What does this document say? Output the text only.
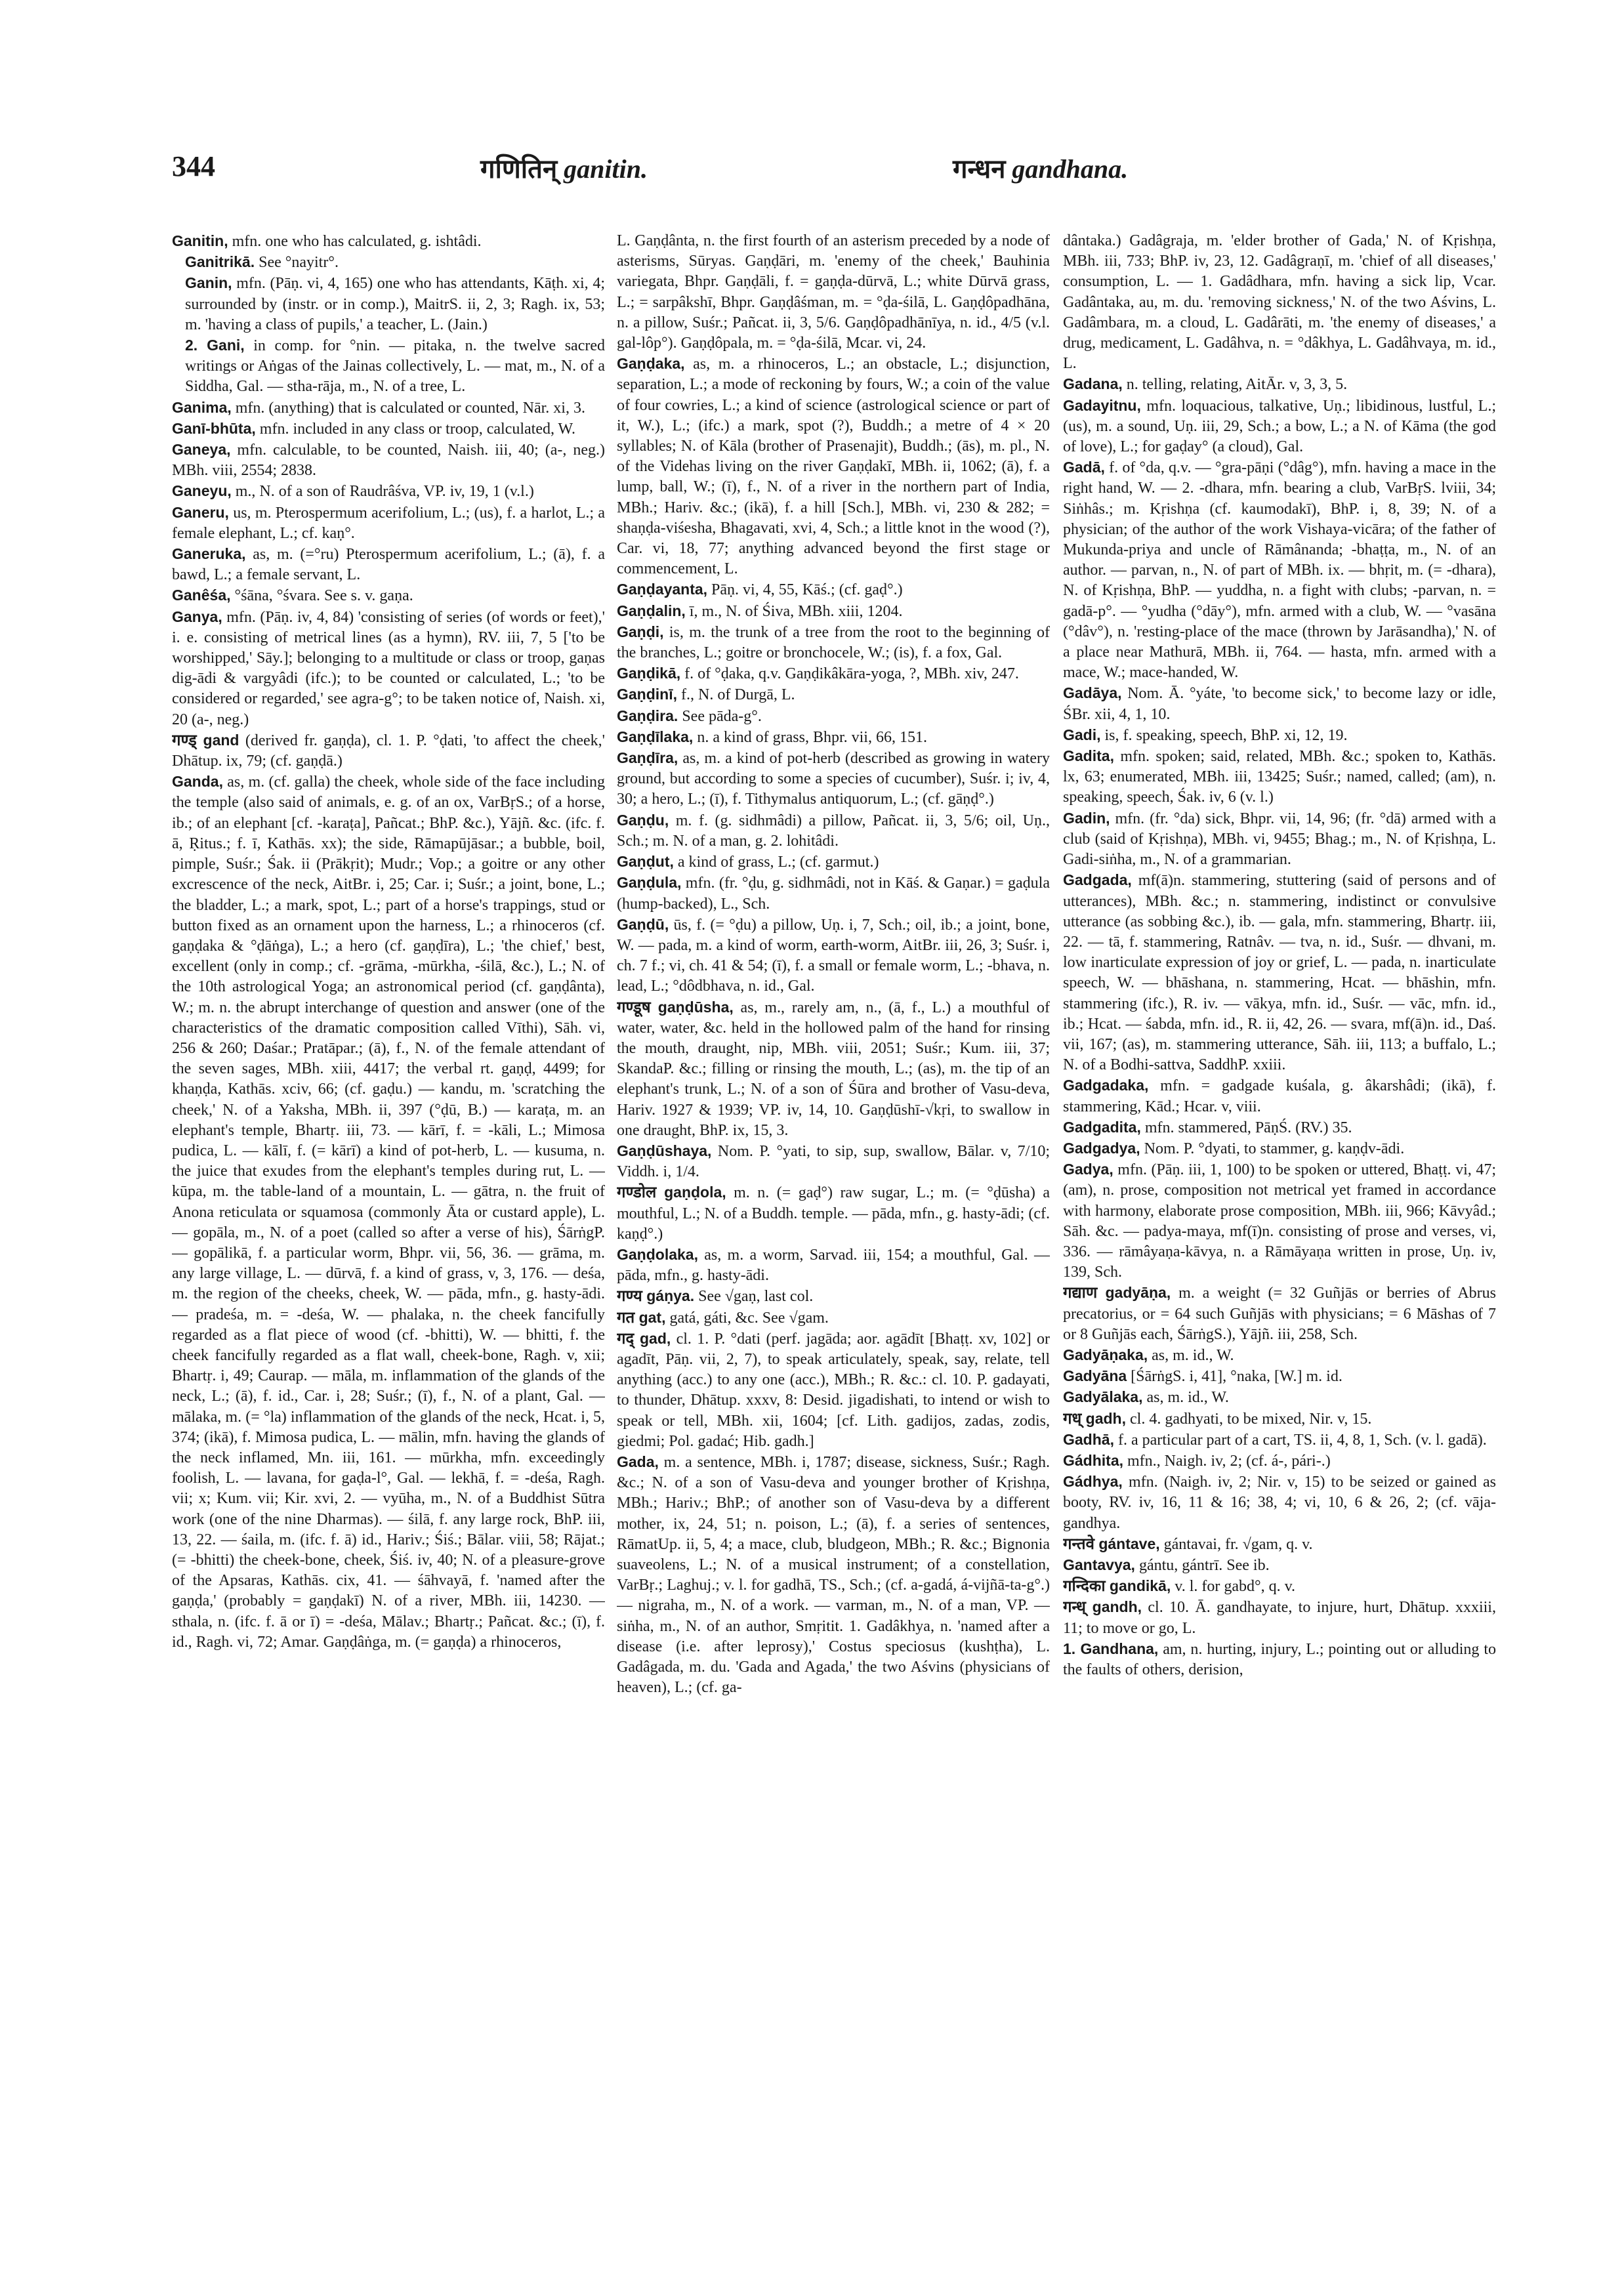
344	गणितिन् ganitin.	गन्धन gandhana.

Ganitin, mfn. one who has calculated, g. ishtâdi.

Ganitrikā. See °nayitr°.

Ganin, mfn. (Pāṇ. vi, 4, 165) one who has attendants, Kāṭh. xi, 4; surrounded by (instr. or in comp.), MaitrS. ii, 2, 3; Ragh. ix, 53; m. 'having a class of pupils,' a teacher, L. (Jain.)

2. Gani, in comp. for °nin. — pitaka, n. the twelve sacred writings or Aṅgas of the Jainas collectively, L. — mat, m., N. of a Siddha, Gal. — stha-rāja, m., N. of a tree, L.

Ganima, mfn. (anything) that is calculated or counted, Nār. xi, 3.

Ganī-bhūta, mfn. included in any class or troop, calculated, W.

Ganeya, mfn. calculable, to be counted, Naish. iii, 40; (a-, neg.) MBh. viii, 2554; 2838.

Ganeyu, m., N. of a son of Raudrâśva, VP. iv, 19, 1 (v.l.)

Ganeru, us, m. Pterospermum acerifolium, L.; (us), f. a harlot, L.; a female elephant, L.; cf. kaṇ°.

Ganeruka, as, m. (=°ru) Pterospermum acerifolium, L.; (ā), f. a bawd, L.; a female servant, L.

Ganêśa, °śāna, °śvara. See s. v. gaṇa.

Ganya, mfn. (Pāṇ. iv, 4, 84) 'consisting of series (of words or feet),' i. e. consisting of metrical lines (as a hymn), RV. iii, 7, 5 ['to be worshipped,' Sāy.]; belonging to a multitude or class or troop, gaṇas dig-ādi & vargyâdi (ifc.); to be counted or calculated, L.; 'to be considered or regarded,' see agra-g°; to be taken notice of, Naish. xi, 20 (a-, neg.)

गण्ड् gand (derived fr. gaṇḍa), cl. 1. P. °ḍati, 'to affect the cheek,' Dhātup. ix, 79; (cf. gaṇḍā.)

Ganda, as, m. (cf. galla) the cheek, whole side of the face including the temple (also said of animals, e. g. of an ox, VarBṛS.; of a horse, ib.; of an elephant [cf. -karaṭa], Pañcat.; BhP. &c.), Yājñ. &c. (ifc. f. ā, Ṛitus.; f. ī, Kathās. xx); the side, Rāmapūjāsar.; a bubble, boil, pimple, Suśr.; Śak. ii (Prākṛit); Mudr.; Vop.; a goitre or any other excrescence of the neck, AitBr. i, 25; Car. i; Suśr.; a joint, bone, L.; the bladder, L.; a mark, spot, L.; part of a horse's trappings, stud or button fixed as an ornament upon the harness, L.; a rhinoceros (cf. gaṇḍaka & °ḍāṅga), L.; a hero (cf. gaṇḍīra), L.; 'the chief,' best, excellent (only in comp.; cf. -grāma, -mūrkha, -śilā, &c.), L.; N. of the 10th astrological Yoga; an astronomical period (cf. gaṇḍânta), W.; m. n. the abrupt interchange of question and answer (one of the characteristics of the dramatic composition called Vīthi), Sāh. vi, 256 & 260; Daśar.; Pratāpar.; (ā), f., N. of the female attendant of the seven sages, MBh. xiii, 4417; the verbal rt. gaṇḍ, 4499; for khaṇḍa, Kathās. xciv, 66; (cf. gaḍu.) — kandu, m. 'scratching the cheek,' N. of a Yaksha, MBh. ii, 397 (°ḍū, B.) — karaṭa, m. an elephant's temple, Bhartṛ. iii, 73. — kārī, f. = -kāli, L.; Mimosa pudica, L. — kālī, f. (= kārī) a kind of pot-herb, L. — kusuma, n. the juice that exudes from the elephant's temples during rut, L. — kūpa, m. the table-land of a mountain, L. — gātra, n. the fruit of Anona reticulata or squamosa (commonly Āta or custard apple), L. — gopāla, m., N. of a poet (called so after a verse of his), ŚārṅgP. — gopālikā, f. a particular worm, Bhpr. vii, 56, 36. — grāma, m. any large village, L. — dūrvā, f. a kind of grass, v, 3, 176. — deśa, m. the region of the cheeks, cheek, W. — pāda, mfn., g. hasty-ādi. — pradeśa, m. = -deśa, W. — phalaka, n. the cheek fancifully regarded as a flat piece of wood (cf. -bhitti), W. — bhitti, f. the cheek fancifully regarded as a flat wall, cheek-bone, Ragh. v, xii; Bhartṛ. i, 49; Caurap. — māla, m. inflammation of the glands of the neck, L.; (ā), f. id., Car. i, 28; Suśr.; (ī), f., N. of a plant, Gal. — mālaka, m. (= °la) inflammation of the glands of the neck, Hcat. i, 5, 374; (ikā), f. Mimosa pudica, L. — mālin, mfn. having the glands of the neck inflamed, Mn. iii, 161. — mūrkha, mfn. exceedingly foolish, L. — lavana, for gaḍa-l°, Gal. — lekhā, f. = -deśa, Ragh. vii; x; Kum. vii; Kir. xvi, 2. — vyūha, m., N. of a Buddhist Sūtra work (one of the nine Dharmas). — śilā, f. any large rock, BhP. iii, 13, 22. — śaila, m. (ifc. f. ā) id., Hariv.; Śiś.; Bālar. viii, 58; Rājat.; (= -bhitti) the cheek-bone, cheek, Śiś. iv, 40; N. of a pleasure-grove of the Apsaras, Kathās. cix, 41. — śāhvayā, f. 'named after the gaṇḍa,' (probably = gaṇḍakī) N. of a river, MBh. iii, 14230. — sthala, n. (ifc. f. ā or ī) = -deśa, Mālav.; Bhartṛ.; Pañcat. &c.; (ī), f. id., Ragh. vi, 72; Amar. Gaṇḍâṅga, m. (= gaṇḍa) a rhinoceros,

L. Gaṇḍânta, n. the first fourth of an asterism preceded by a node of asterisms, Sūryas. Gaṇḍāri, m. 'enemy of the cheek,' Bauhinia variegata, Bhpr. Gaṇḍāli, f. = gaṇḍa-dūrvā, L.; white Dūrvā grass, L.; = sarpâkshī, Bhpr. Gaṇḍâśman, m. = °ḍa-śilā, L. Gaṇḍôpadhāna, n. a pillow, Suśr.; Pañcat. ii, 3, 5/6. Gaṇḍôpadhānīya, n. id., 4/5 (v.l. gal-lôp°). Gaṇḍôpala, m. = °ḍa-śilā, Mcar. vi, 24.

Gaṇḍaka, as, m. a rhinoceros, L.; an obstacle, L.; disjunction, separation, L.; a mode of reckoning by fours, W.; a coin of the value of four cowries, L.; a kind of science (astrological science or part of it, W.), L.; (ifc.) a mark, spot (?), Buddh.; a metre of 4 × 20 syllables; N. of Kāla (brother of Prasenajit), Buddh.; (ās), m. pl., N. of the Videhas living on the river Gaṇḍakī, MBh. ii, 1062; (ā), f. a lump, ball, W.; (ī), f., N. of a river in the northern part of India, MBh.; Hariv. &c.; (ikā), f. a hill [Sch.], MBh. vi, 230 & 282; = shaṇḍa-viśesha, Bhagavati, xvi, 4, Sch.; a little knot in the wood (?), Car. vi, 18, 77; anything advanced beyond the first stage or commencement, L.

Gaṇḍayanta, Pāṇ. vi, 4, 55, Kāś.; (cf. gaḍ°.)

Gaṇḍalin, ī, m., N. of Śiva, MBh. xiii, 1204.

Gaṇḍi, is, m. the trunk of a tree from the root to the beginning of the branches, L.; goitre or bronchocele, W.; (is), f. a fox, Gal.

Gaṇḍikā, f. of °ḍaka, q.v. Gaṇḍikâkāra-yoga, ?, MBh. xiv, 247.

Gaṇḍinī, f., N. of Durgā, L.

Gaṇḍira. See pāda-g°.

Gaṇḍīlaka, n. a kind of grass, Bhpr. vii, 66, 151.

Gaṇḍīra, as, m. a kind of pot-herb (described as growing in watery ground, but according to some a species of cucumber), Suśr. i; iv, 4, 30; a hero, L.; (ī), f. Tithymalus antiquorum, L.; (cf. gāṇḍ°.)

Gaṇḍu, m. f. (g. sidhmâdi) a pillow, Pañcat. ii, 3, 5/6; oil, Uṇ., Sch.; m. N. of a man, g. 2. lohitâdi.

Gaṇḍut, a kind of grass, L.; (cf. garmut.)

Gaṇḍula, mfn. (fr. °ḍu, g. sidhmâdi, not in Kāś. & Gaṇar.) = gaḍula (hump-backed), L., Sch.

Gaṇḍū, ūs, f. (= °ḍu) a pillow, Uṇ. i, 7, Sch.; oil, ib.; a joint, bone, W. — pada, m. a kind of worm, earth-worm, AitBr. iii, 26, 3; Suśr. i, ch. 7 f.; vi, ch. 41 & 54; (ī), f. a small or female worm, L.; -bhava, n. lead, L.; °dôdbhava, n. id., Gal.

गण्डूष gaṇḍūsha, as, m., rarely am, n., (ā, f., L.) a mouthful of water, water, &c. held in the hollowed palm of the hand for rinsing the mouth, draught, nip, MBh. viii, 2051; Suśr.; Kum. iii, 37; SkandaP. &c.; filling or rinsing the mouth, L.; (as), m. the tip of an elephant's trunk, L.; N. of a son of Śūra and brother of Vasu-deva, Hariv. 1927 & 1939; VP. iv, 14, 10. Gaṇḍūshī-√kṛi, to swallow in one draught, BhP. ix, 15, 3.

Gaṇḍūshaya, Nom. P. °yati, to sip, sup, swallow, Bālar. v, 7/10; Viddh. i, 1/4.

गण्डोल gaṇḍola, m. n. (= gaḍ°) raw sugar, L.; m. (= °ḍūsha) a mouthful, L.; N. of a Buddh. temple. — pāda, mfn., g. hasty-ādi; (cf. kaṇḍ°.)

Gaṇḍolaka, as, m. a worm, Sarvad. iii, 154; a mouthful, Gal. — pāda, mfn., g. hasty-ādi.

गण्य gáṇya. See √gaṇ, last col.

गत gat, gatá, gáti, &c. See √gam.

गद् gad, cl. 1. P. °dati (perf. jagāda; aor. agādīt [Bhaṭṭ. xv, 102] or agadīt, Pāṇ. vii, 2, 7), to speak articulately, speak, say, relate, tell anything (acc.) to any one (acc.), MBh.; R. &c.: cl. 10. P. gadayati, to thunder, Dhātup. xxxv, 8: Desid. jigadishati, to intend or wish to speak or tell, MBh. xii, 1604; [cf. Lith. gadijos, zadas, zodis, giedmi; Pol. gadać; Hib. gadh.]

Gada, m. a sentence, MBh. i, 1787; disease, sickness, Suśr.; Ragh. &c.; N. of a son of Vasu-deva and younger brother of Kṛishṇa, MBh.; Hariv.; BhP.; of another son of Vasu-deva by a different mother, ix, 24, 51; n. poison, L.; (ā), f. a series of sentences, RāmatUp. ii, 5, 4; a mace, club, bludgeon, MBh.; R. &c.; Bignonia suaveolens, L.; N. of a musical instrument; of a constellation, VarBṛ.; Laghuj.; v. l. for gadhā, TS., Sch.; (cf. a-gadá, á-vijñā-ta-g°.) — nigraha, m., N. of a work. — varman, m., N. of a man, VP. — siṅha, m., N. of an author, Smṛitit. 1. Gadâkhya, n. 'named after a disease (i.e. after leprosy),' Costus speciosus (kushṭha), L. Gadâgada, m. du. 'Gada and Agada,' the two Aśvins (physicians of heaven), L.; (cf. ga-

dântaka.) Gadâgraja, m. 'elder brother of Gada,' N. of Kṛishṇa, MBh. iii, 733; BhP. iv, 23, 12. Gadâgraṇī, m. 'chief of all diseases,' consumption, L. — 1. Gadâdhara, mfn. having a sick lip, Vcar. Gadântaka, au, m. du. 'removing sickness,' N. of the two Aśvins, L. Gadâmbara, m. a cloud, L. Gadârāti, m. 'the enemy of diseases,' a drug, medicament, L. Gadâhva, n. = °dâkhya, L. Gadâhvaya, m. id., L.

Gadana, n. telling, relating, AitĀr. v, 3, 3, 5.

Gadayitnu, mfn. loquacious, talkative, Uṇ.; libidinous, lustful, L.; (us), m. a sound, Uṇ. iii, 29, Sch.; a bow, L.; a N. of Kāma (the god of love), L.; for gaḍay° (a cloud), Gal.

Gadā, f. of °da, q.v. — °gra-pāṇi (°dâg°), mfn. having a mace in the right hand, W. — 2. -dhara, mfn. bearing a club, VarBṛS. lviii, 34; Siṅhâs.; m. Kṛishṇa (cf. kaumodakī), BhP. i, 8, 39; N. of a physician; of the author of the work Vishaya-vicāra; of the father of Mukunda-priya and uncle of Rāmânanda; -bhaṭṭa, m., N. of an author. — parvan, n., N. of part of MBh. ix. — bhṛit, m. (= -dhara), N. of Kṛishṇa, BhP. — yuddha, n. a fight with clubs; -parvan, n. = gadā-p°. — °yudha (°dāy°), mfn. armed with a club, W. — °vasāna (°dâv°), n. 'resting-place of the mace (thrown by Jarāsandha),' N. of a place near Mathurā, MBh. ii, 764. — hasta, mfn. armed with a mace, W.; mace-handed, W.

Gadāya, Nom. Ā. °yáte, 'to become sick,' to become lazy or idle, ŚBr. xii, 4, 1, 10.

Gadi, is, f. speaking, speech, BhP. xi, 12, 19.

Gadita, mfn. spoken; said, related, MBh. &c.; spoken to, Kathās. lx, 63; enumerated, MBh. iii, 13425; Suśr.; named, called; (am), n. speaking, speech, Śak. iv, 6 (v. l.)

Gadin, mfn. (fr. °da) sick, Bhpr. vii, 14, 96; (fr. °dā) armed with a club (said of Kṛishṇa), MBh. vi, 9455; Bhag.; m., N. of Kṛishṇa, L. Gadi-siṅha, m., N. of a grammarian.

Gadgada, mf(ā)n. stammering, stuttering (said of persons and of utterances), MBh. &c.; n. stammering, indistinct or convulsive utterance (as sobbing &c.), ib. — gala, mfn. stammering, Bhartṛ. iii, 22. — tā, f. stammering, Ratnâv. — tva, n. id., Suśr. — dhvani, m. low inarticulate expression of joy or grief, L. — pada, n. inarticulate speech, W. — bhāshana, n. stammering, Hcat. — bhāshin, mfn. stammering (ifc.), R. iv. — vākya, mfn. id., Suśr. — vāc, mfn. id., ib.; Hcat. — śabda, mfn. id., R. ii, 42, 26. — svara, mf(ā)n. id., Daś. vii, 167; (as), m. stammering utterance, Sāh. iii, 113; a buffalo, L.; N. of a Bodhi-sattva, SaddhP. xxiii.

Gadgadaka, mfn. = gadgade kuśala, g. âkarshâdi; (ikā), f. stammering, Kād.; Hcar. v, viii.

Gadgadita, mfn. stammered, PāṇŚ. (RV.) 35.

Gadgadya, Nom. P. °dyati, to stammer, g. kaṇḍv-ādi.

Gadya, mfn. (Pāṇ. iii, 1, 100) to be spoken or uttered, Bhaṭṭ. vi, 47; (am), n. prose, composition not metrical yet framed in accordance with harmony, elaborate prose composition, MBh. iii, 966; Kāvyâd.; Sāh. &c. — padya-maya, mf(ī)n. consisting of prose and verses, vi, 336. — rāmâyaṇa-kāvya, n. a Rāmāyaṇa written in prose, Uṇ. iv, 139, Sch.

गद्याण gadyāṇa, m. a weight (= 32 Guñjās or berries of Abrus precatorius, or = 64 such Guñjās with physicians; = 6 Māshas of 7 or 8 Guñjās each, ŚārṅgS.), Yājñ. iii, 258, Sch.

Gadyāṇaka, as, m. id., W.

Gadyāna [ŚārṅgS. i, 41], °naka, [W.] m. id.

Gadyālaka, as, m. id., W.

गध् gadh, cl. 4. gadhyati, to be mixed, Nir. v, 15.

Gadhā, f. a particular part of a cart, TS. ii, 4, 8, 1, Sch. (v. l. gadā).

Gádhita, mfn., Naigh. iv, 2; (cf. á-, pári-.)

Gádhya, mfn. (Naigh. iv, 2; Nir. v, 15) to be seized or gained as booty, RV. iv, 16, 11 & 16; 38, 4; vi, 10, 6 & 26, 2; (cf. vāja-gandhya.

गन्तवे gántave, gántavai, fr. √gam, q. v.

Gantavya, gántu, gántrī. See ib.

गन्दिका gandikā, v. l. for gabd°, q. v.

गन्ध् gandh, cl. 10. Ā. gandhayate, to injure, hurt, Dhātup. xxxiii, 11; to move or go, L.

1. Gandhana, am, n. hurting, injury, L.; pointing out or alluding to the faults of others, derision,
